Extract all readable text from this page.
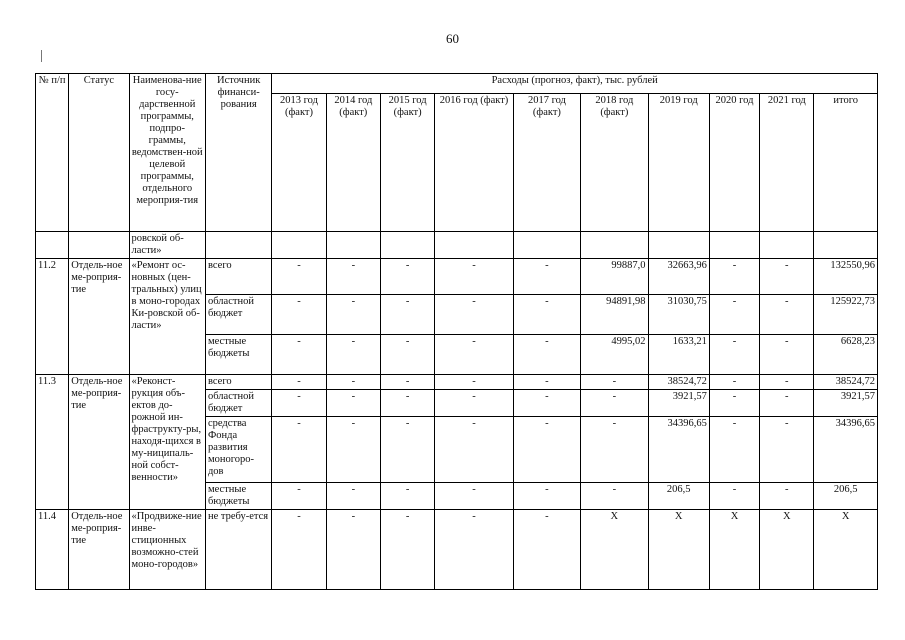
60
№ п/п	Статус	Наименова-ние госу-дарственной программы, подпро-граммы, ведомствен-ной целевой программы, отдельного мероприя-тия	Источник финанси-рования	Расходы (прогноз, факт), тыс. рублей									
				2013 год (факт)	2014 год (факт)	2015 год (факт)	2016 год (факт)	2017 год (факт)	2018 год (факт)	2019 год	2020 год	2021 год	итого
		ровской об-ласти»											
11.2	Отдель-ное ме-роприя-тие	«Ремонт ос-новных (цен-тральных) улиц в моно-городах Ки-ровской об-ласти»	всего	-	-	-	-	-	99887,0	32663,96	-	-	132550,96
			областной бюджет	-	-	-	-	-	94891,98	31030,75	-	-	125922,73
			местные бюджеты	-	-	-	-	-	4995,02	1633,21	-	-	6628,23
11.3	Отдель-ное ме-роприя-тие	«Реконст-рукция объ-ектов до-рожной ин-фраструкту-ры, находя-щихся в му-ниципаль-ной собст-венности»	всего	-	-	-	-	-	-	38524,72	-	-	38524,72
			областной бюджет	-	-	-	-	-	-	3921,57	-	-	3921,57
			средства Фонда развития моногоро-дов	-	-	-	-	-	-	34396,65	-	-	34396,65
			местные бюджеты	-	-	-	-	-	-	206,5	-	-	206,5
11.4	Отдель-ное ме-роприя-тие	«Продвиже-ние инве-стиционных возможно-стей моно-городов»	не требу-ется	-	-	-	-	-	X	X	X	X	X
